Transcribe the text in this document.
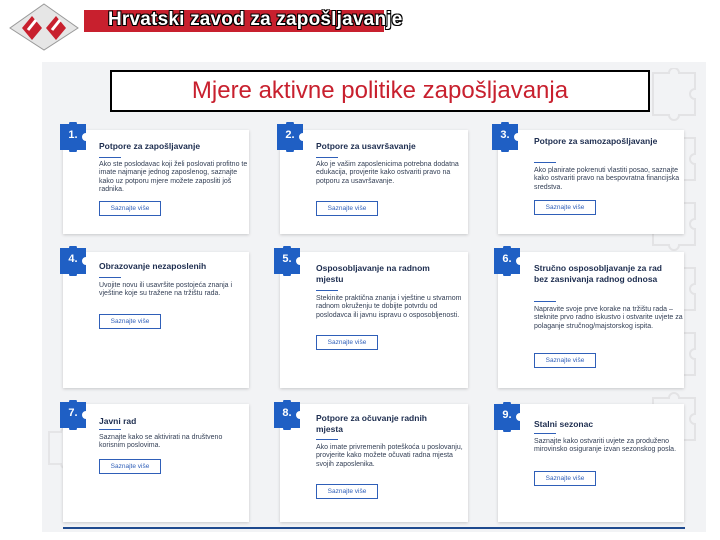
Hrvatski zavod za zapošljavanje
Mjere aktivne politike zapošljavanja
Potpore za zapošljavanje
Ako ste poslodavac koji želi poslovati profitno te imate najmanje jednog zaposlenog, saznajte kako uz potporu mjere možete zaposliti još radnika.
Saznajte više
Potpore za usavršavanje
Ako je vašim zaposlenicima potrebna dodatna edukacija, provjerite kako ostvariti pravo na potporu za usavršavanje.
Saznajte više
Potpore za samozapošljavanje
Ako planirate pokrenuti vlastiti posao, saznajte kako ostvariti pravo na bespovratna financijska sredstva.
Saznajte više
Obrazovanje nezaposlenih
Uvojite novu ili usavršite postojeća znanja i vještine koje su tražene na tržištu rada.
Saznajte više
Osposobljavanje na radnom mjestu
Stekinite praktična znanja i vještine u stvarnom radnom okruženju te dobijte potvrdu od poslodavca ili javnu ispravu o osposobljenosti.
Saznajte više
Stručno osposobljavanje za rad bez zasnivanja radnog odnosa
Napravite svoje prve korake na tržištu rada – steknite prvo radno iskustvo i ostvarite uvjete za polaganje stručnog/majstorskog ispita.
Saznajte više
Javni rad
Saznajte kako se aktivirati na društveno korisnim poslovima.
Saznajte više
Potpore za očuvanje radnih mjesta
Ako imate privremenih poteškoća u poslovanju, provjerite kako možete očuvati radna mjesta svojih zaposlenika.
Saznajte više
Stalni sezonac
Saznajte kako ostvariti uvjete za produženo mirovinsko osiguranje izvan sezonskog posla.
Saznajte više
1.	2.	3.
4.	5.	6.
7.	8.	9.
